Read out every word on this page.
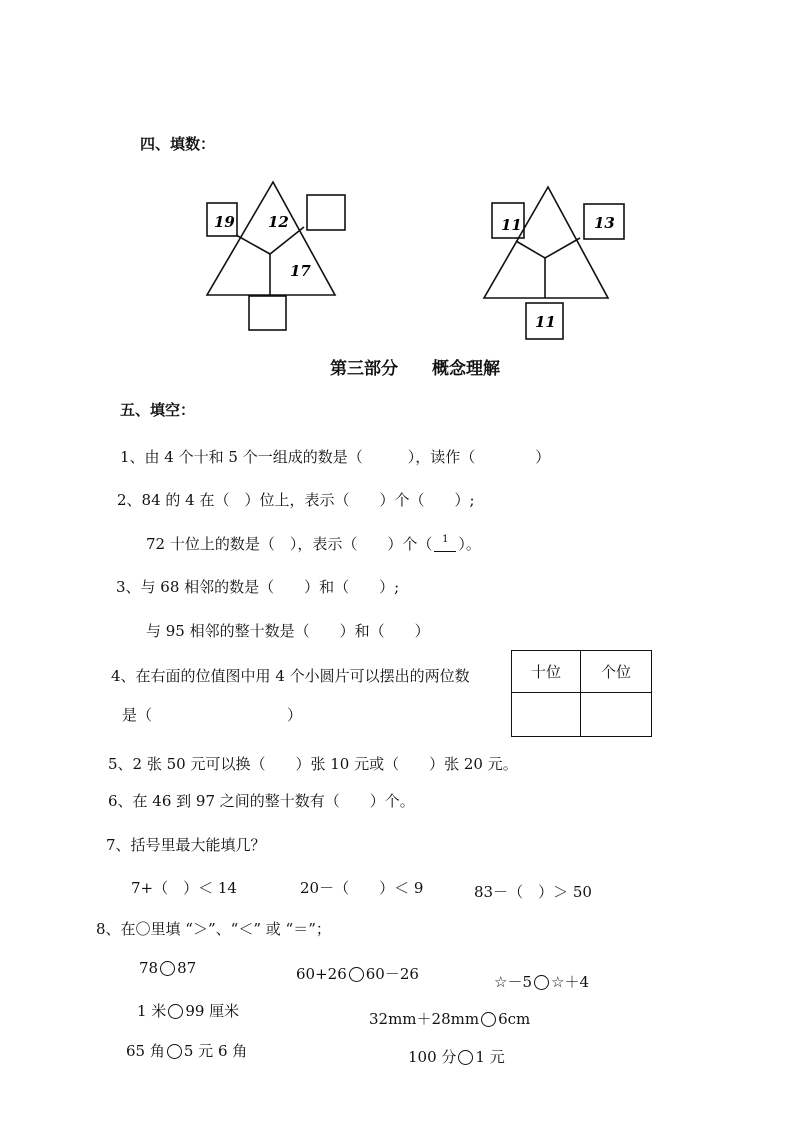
四、填数：
19 12
17
11	13
11
第三部分　　概念理解
五、填空：
1、由 4 个十和 5 个一组成的数是（　　　），读作（　　　　）
2、84 的 4 在（　）位上，表示（　　）个（　　）;
72 十位上的数是（　），表示（　　）个（ 1 ）。
3、与 68 相邻的数是（　　）和（　　）;
与 95 相邻的整十数是（　　）和（　　）
4、在右面的位值图中用 4 个小圆片可以摆出的两位数
是（　　　　　　　　　）
十位	个位

5、2 张 50 元可以换（　　）张 10 元或（　　）张 20 元。
6、在 46 到 97 之间的整十数有（　　）个。
7、括号里最大能填几？
7+（　）＜ 14	20－（　　）＜ 9	83－（　）＞ 50
8、在〇里填 “＞”、“＜” 或 “＝”；
78 87	60+26 60－26	☆－5 ☆＋4
1 米 99 厘米	32mm＋28mm 6cm
65 角 5 元 6 角	100 分 1 元
